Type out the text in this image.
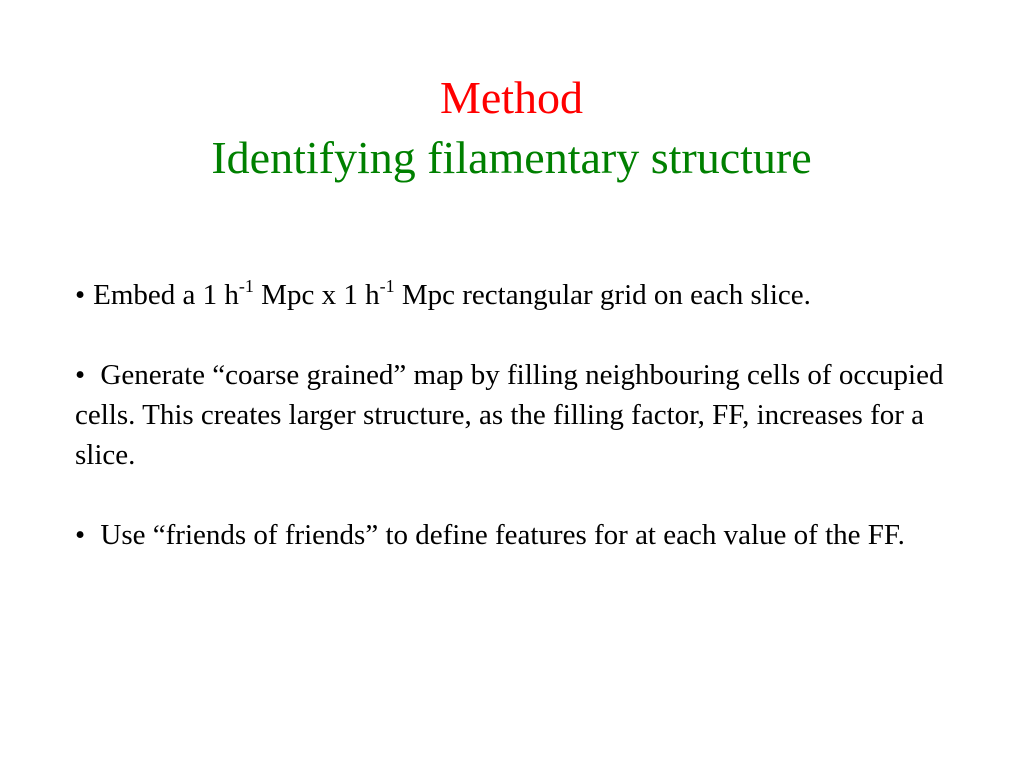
Method
Identifying filamentary structure
• Embed a 1 $h^{-1}$ Mpc x 1 $h^{-1}$ Mpc rectangular grid on each slice.
• Generate “coarse grained” map by filling neighbouring cells of occupied cells. This creates larger structure, as the filling factor, FF, increases for a slice.
• Use “friends of friends” to define features for at each value of the FF.
